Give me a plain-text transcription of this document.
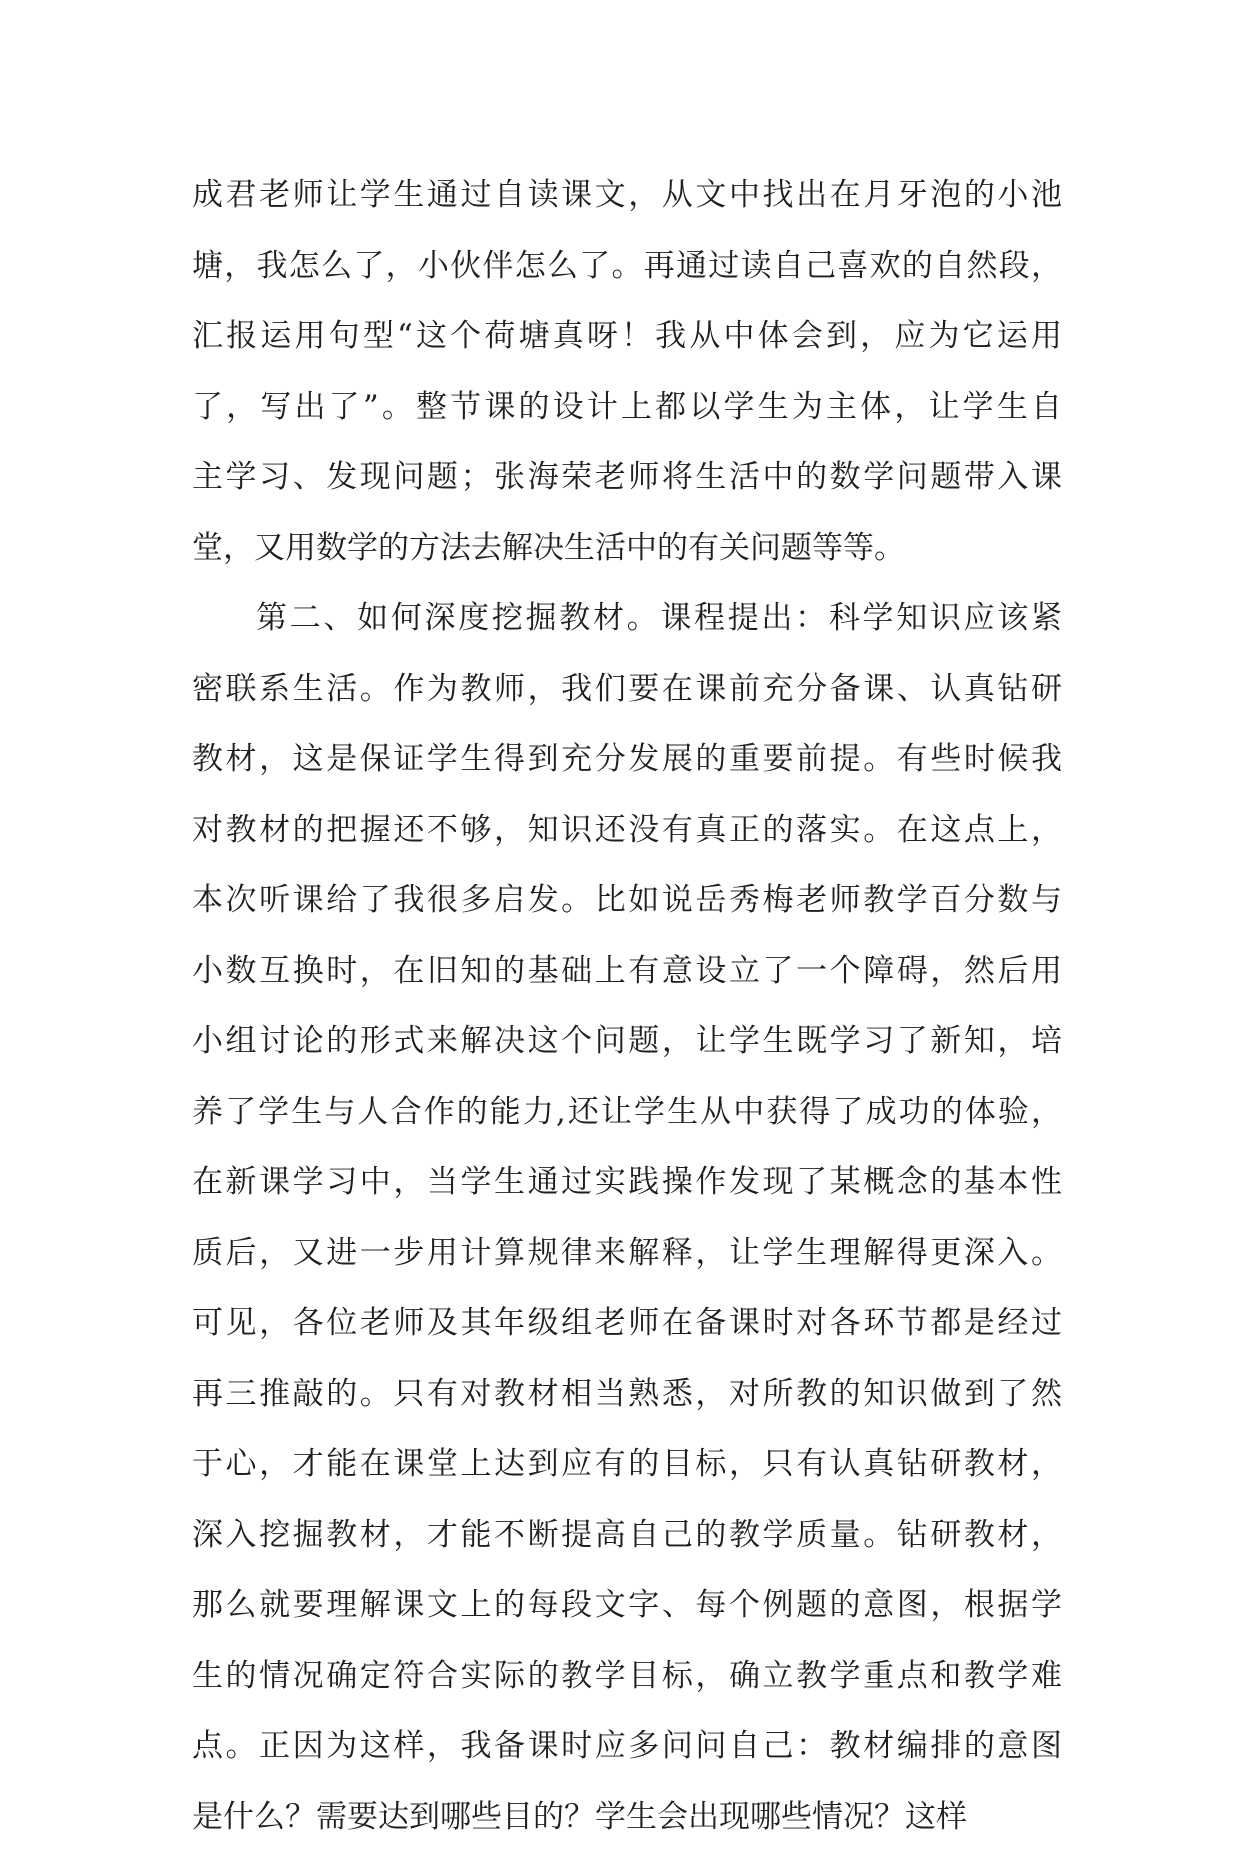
成君老师让学生通过自读课文，从文中找出在月牙泡的小池
塘，我怎么了，小伙伴怎么了。再通过读自己喜欢的自然段，
汇报运用句型“这个荷塘真呀！我从中体会到，应为它运用
了，写出了”。整节课的设计上都以学生为主体，让学生自
主学习、发现问题；张海荣老师将生活中的数学问题带入课
堂，又用数学的方法去解决生活中的有关问题等等。
第二、如何深度挖掘教材。课程提出：科学知识应该紧
密联系生活。作为教师，我们要在课前充分备课、认真钻研
教材，这是保证学生得到充分发展的重要前提。有些时候我
对教材的把握还不够，知识还没有真正的落实。在这点上，
本次听课给了我很多启发。比如说岳秀梅老师教学百分数与
小数互换时，在旧知的基础上有意设立了一个障碍，然后用
小组讨论的形式来解决这个问题，让学生既学习了新知，培
养了学生与人合作的能力,还让学生从中获得了成功的体验，
在新课学习中，当学生通过实践操作发现了某概念的基本性
质后，又进一步用计算规律来解释，让学生理解得更深入。
可见，各位老师及其年级组老师在备课时对各环节都是经过
再三推敲的。只有对教材相当熟悉，对所教的知识做到了然
于心，才能在课堂上达到应有的目标，只有认真钻研教材，
深入挖掘教材，才能不断提高自己的教学质量。钻研教材，
那么就要理解课文上的每段文字、每个例题的意图，根据学
生的情况确定符合实际的教学目标，确立教学重点和教学难
点。正因为这样，我备课时应多问问自己：教材编排的意图
是什么？需要达到哪些目的？学生会出现哪些情况？这样
